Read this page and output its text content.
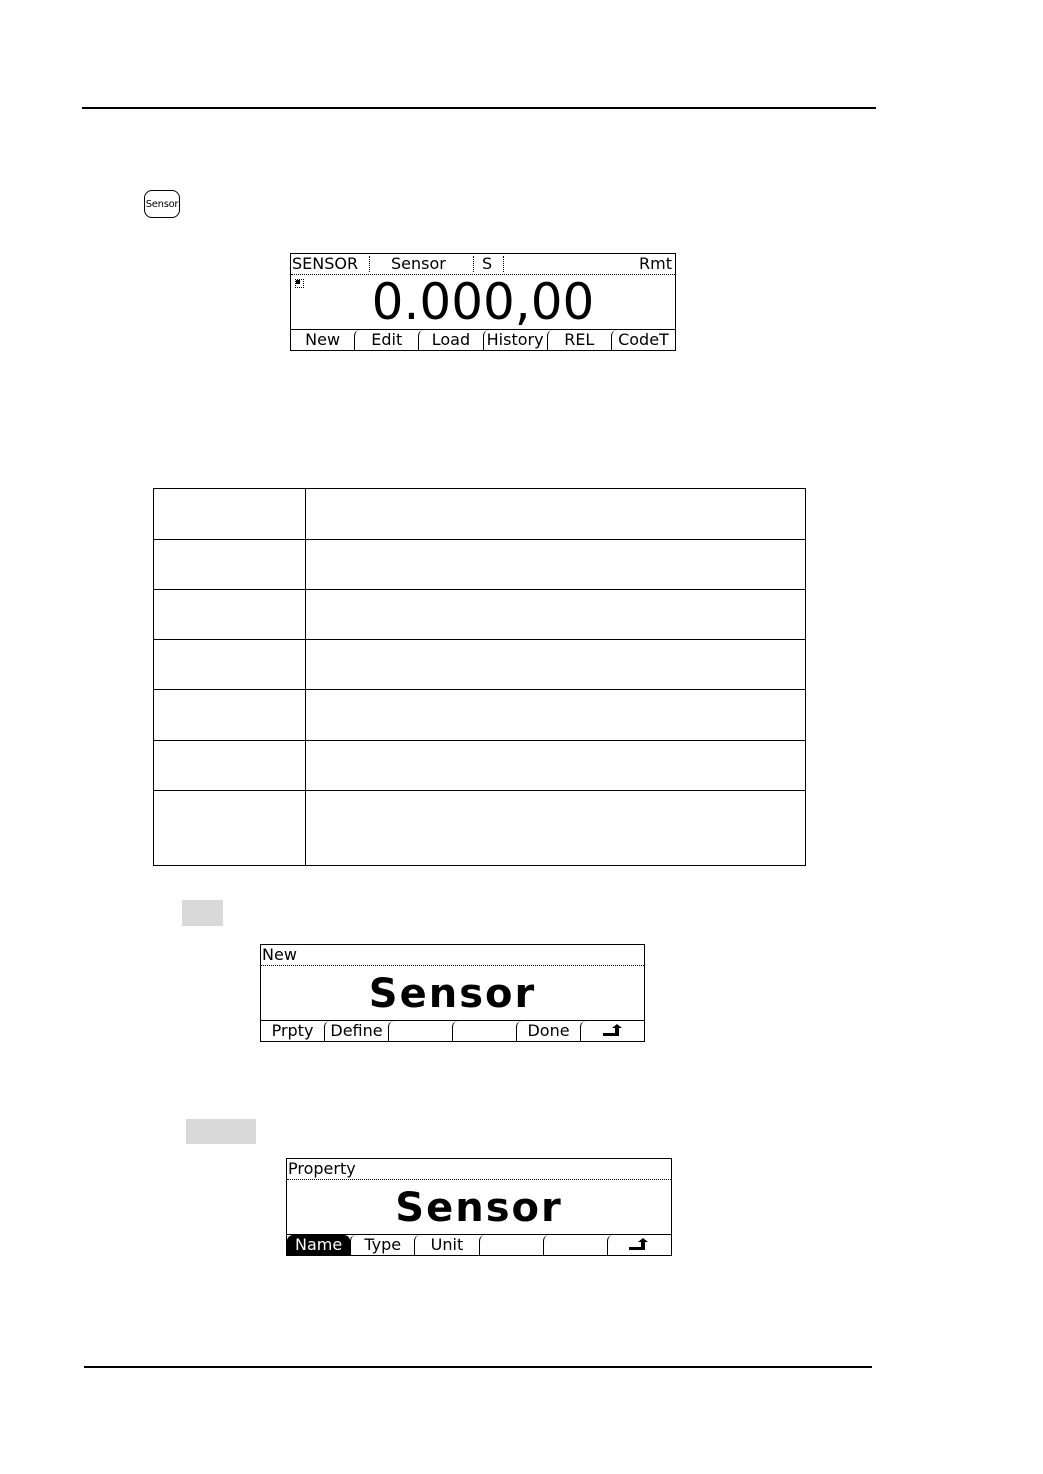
Sensor
SENSOR Sensor S	Rmt
0.000,00
New	Edit	Load	History	REL	CodeT

New
Sensor
Prpty	Define	Done
Property
Sensor
Name	Type	Unit
